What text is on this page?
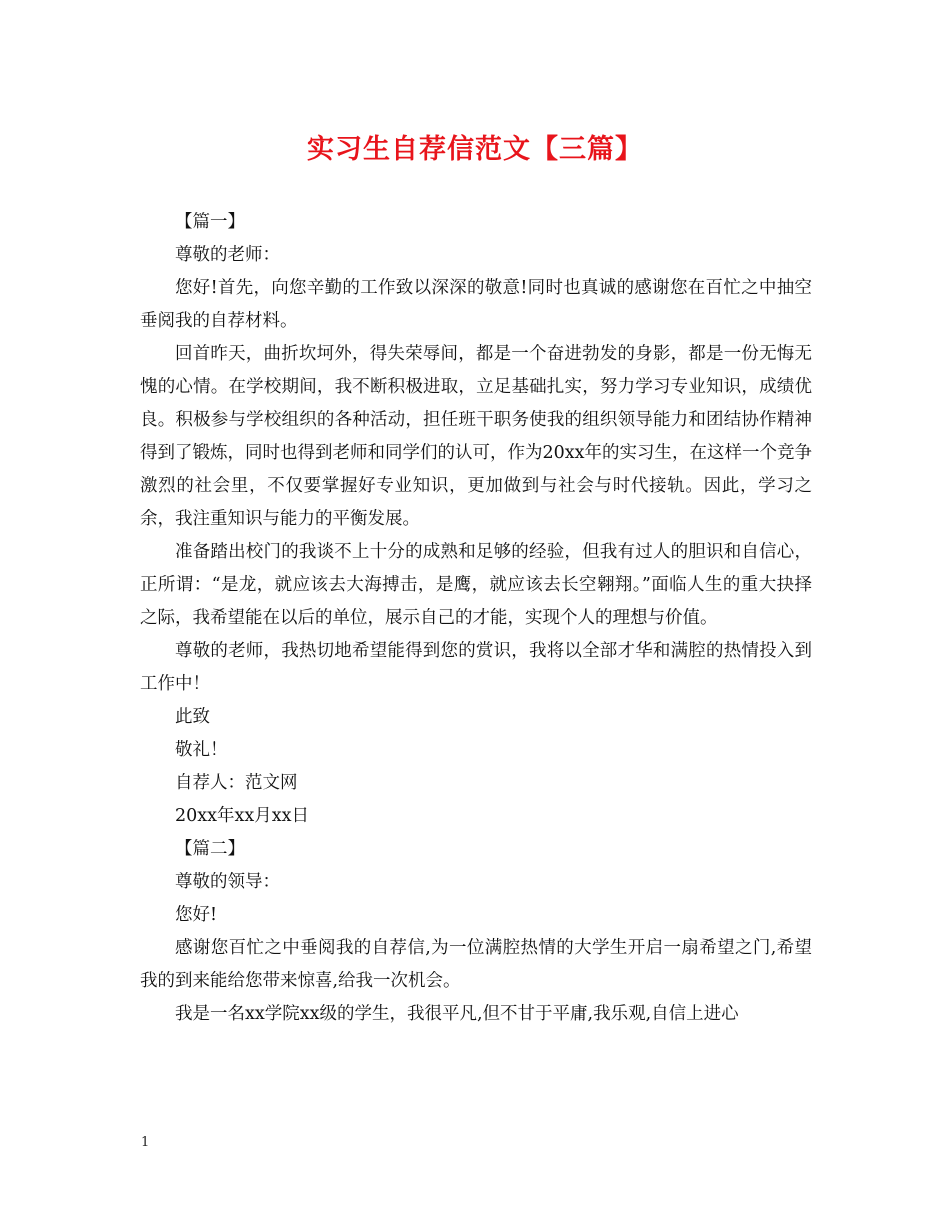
实习生自荐信范文【三篇】

【篇一】

尊敬的老师：

您好!首先，向您辛勤的工作致以深深的敬意!同时也真诚的感谢您在百忙之中抽空垂阅我的自荐材料。

回首昨天，曲折坎坷外，得失荣辱间，都是一个奋进勃发的身影，都是一份无悔无愧的心情。在学校期间，我不断积极进取，立足基础扎实，努力学习专业知识，成绩优良。积极参与学校组织的各种活动，担任班干职务使我的组织领导能力和团结协作精神得到了锻炼，同时也得到老师和同学们的认可，作为20xx年的实习生，在这样一个竞争激烈的社会里，不仅要掌握好专业知识，更加做到与社会与时代接轨。因此，学习之余，我注重知识与能力的平衡发展。

准备踏出校门的我谈不上十分的成熟和足够的经验，但我有过人的胆识和自信心，正所谓：“是龙，就应该去大海搏击，是鹰，就应该去长空翱翔。”面临人生的重大抉择之际，我希望能在以后的单位，展示自己的才能，实现个人的理想与价值。

尊敬的老师，我热切地希望能得到您的赏识，我将以全部才华和满腔的热情投入到工作中！

此致

敬礼！

自荐人：范文网

20xx年xx月xx日

【篇二】

尊敬的领导：

您好!

感谢您百忙之中垂阅我的自荐信,为一位满腔热情的大学生开启一扇希望之门,希望我的到来能给您带来惊喜,给我一次机会。

我是一名xx学院xx级的学生，我很平凡,但不甘于平庸,我乐观,自信上进心

1
